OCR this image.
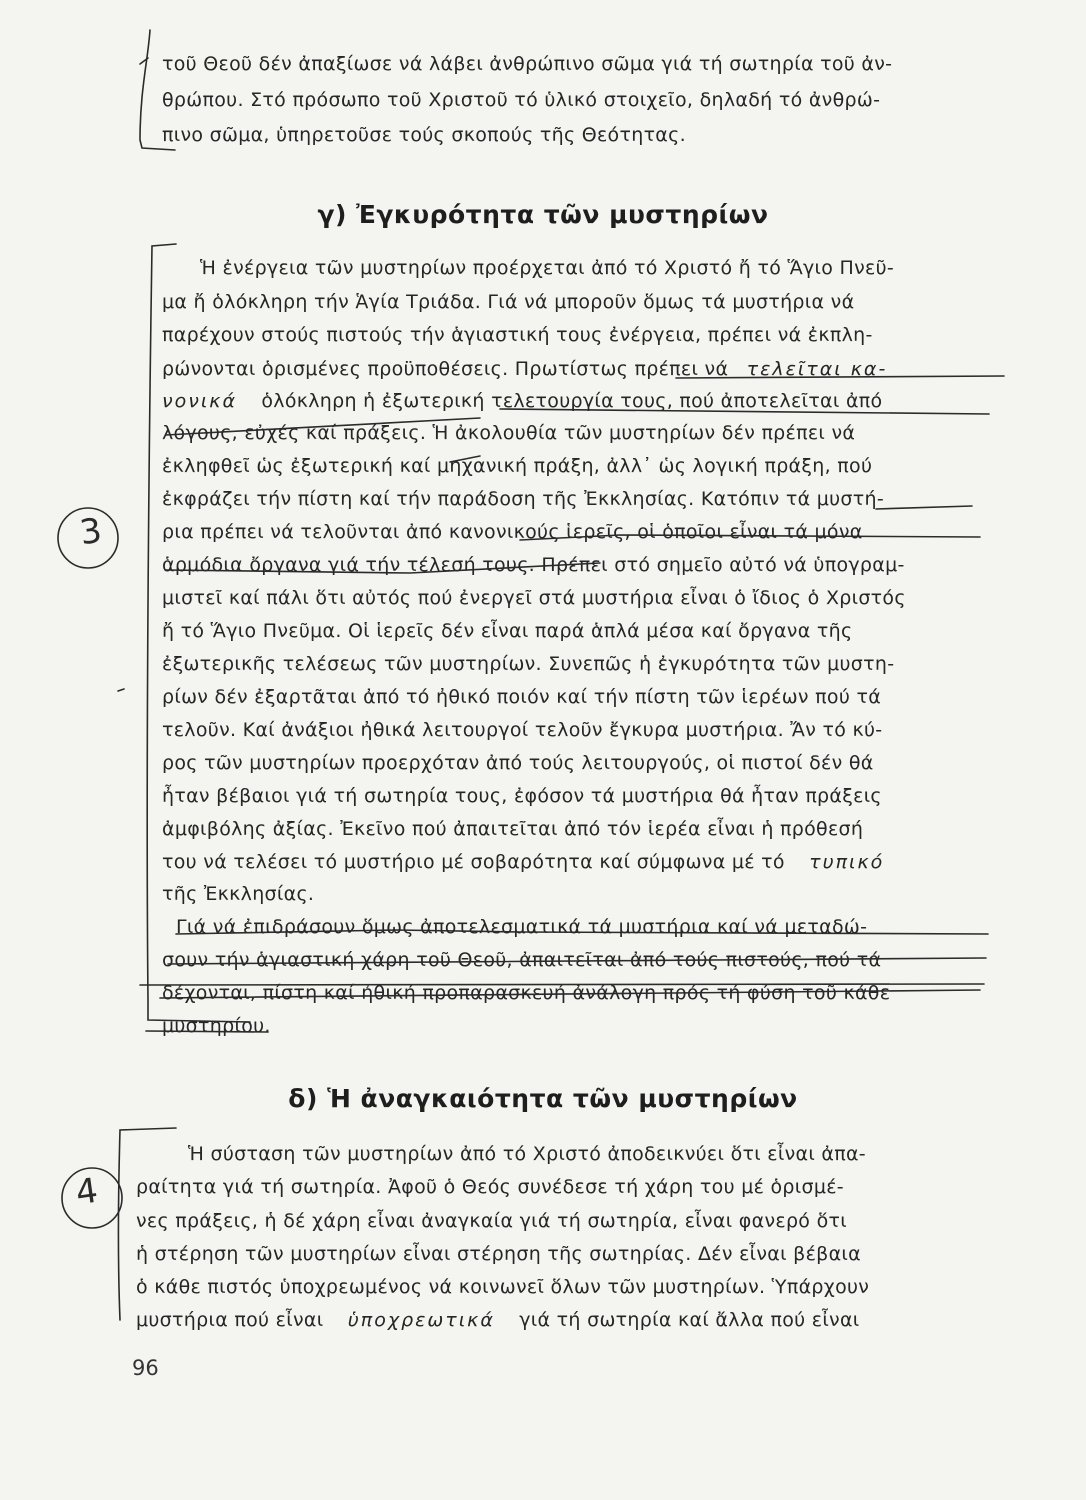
τοῦ Θεοῦ δέν ἀπαξίωσε νά λάβει ἀνθρώπινο σῶμα γιά τή σωτηρία τοῦ ἀν-

θρώπου. Στό πρόσωπο τοῦ Χριστοῦ τό ὑλικό στοιχεῖο, δηλαδή τό ἀνθρώ-

πινο σῶμα, ὑπηρετοῦσε τούς σκοπούς τῆς Θεότητας.

γ) Ἐγκυρότητα τῶν μυστηρίων

Ἡ ἐνέργεια τῶν μυστηρίων προέρχεται ἀπό τό Χριστό ἤ τό Ἅγιο Πνεῦ-

μα ἤ ὁλόκληρη τήν Ἁγία Τριάδα. Γιά νά μποροῦν ὅμως τά μυστήρια νά

παρέχουν στούς πιστούς τήν ἁγιαστική τους ἐνέργεια, πρέπει νά ἐκπλη-

ρώνονται ὁρισμένες προϋποθέσεις. Πρωτίστως πρέπει νά τελεῖται κα-

νονικά ὁλόκληρη ἡ ἐξωτερική τελετουργία τους, πού ἀποτελεῖται ἀπό

λόγους, εὐχές καί πράξεις. Ἡ ἀκολουθία τῶν μυστηρίων δέν πρέπει νά

ἐκληφθεῖ ὡς ἐξωτερική καί μηχανική πράξη, ἀλλ᾽ ὡς λογική πράξη, πού

ἐκφράζει τήν πίστη καί τήν παράδοση τῆς Ἐκκλησίας. Κατόπιν τά μυστή-

ρια πρέπει νά τελοῦνται ἀπό κανονικούς ἱερεῖς, οἱ ὁποῖοι εἶναι τά μόνα

ἁρμόδια ὄργανα γιά τήν τέλεσή τους. Πρέπει στό σημεῖο αὐτό νά ὑπογραμ-

μιστεῖ καί πάλι ὅτι αὐτός πού ἐνεργεῖ στά μυστήρια εἶναι ὁ ἴδιος ὁ Χριστός

ἤ τό Ἅγιο Πνεῦμα. Οἱ ἱερεῖς δέν εἶναι παρά ἁπλά μέσα καί ὄργανα τῆς

ἐξωτερικῆς τελέσεως τῶν μυστηρίων. Συνεπῶς ἡ ἐγκυρότητα τῶν μυστη-

ρίων δέν ἐξαρτᾶται ἀπό τό ἠθικό ποιόν καί τήν πίστη τῶν ἱερέων πού τά

τελοῦν. Καί ἀνάξιοι ἠθικά λειτουργοί τελοῦν ἔγκυρα μυστήρια. Ἄν τό κύ-

ρος τῶν μυστηρίων προερχόταν ἀπό τούς λειτουργούς, οἱ πιστοί δέν θά

ἦταν βέβαιοι γιά τή σωτηρία τους, ἐφόσον τά μυστήρια θά ἦταν πράξεις

ἀμφιβόλης ἀξίας. Ἐκεῖνο πού ἀπαιτεῖται ἀπό τόν ἱερέα εἶναι ἡ πρόθεσή

του νά τελέσει τό μυστήριο μέ σοβαρότητα καί σύμφωνα μέ τό τυπικό

τῆς Ἐκκλησίας.

Γιά νά ἐπιδράσουν ὅμως ἀποτελεσματικά τά μυστήρια καί νά μεταδώ-

σουν τήν ἁγιαστική χάρη τοῦ Θεοῦ, ἀπαιτεῖται ἀπό τούς πιστούς, πού τά

δέχονται, πίστη καί ἠθική προπαρασκευή ἀνάλογη πρός τή φύση τοῦ κάθε

μυστηρίου.

δ) Ἡ ἀναγκαιότητα τῶν μυστηρίων

Ἡ σύσταση τῶν μυστηρίων ἀπό τό Χριστό ἀποδεικνύει ὅτι εἶναι ἀπα-

ραίτητα γιά τή σωτηρία. Ἀφοῦ ὁ Θεός συνέδεσε τή χάρη του μέ ὁρισμέ-

νες πράξεις, ἡ δέ χάρη εἶναι ἀναγκαία γιά τή σωτηρία, εἶναι φανερό ὅτι

ἡ στέρηση τῶν μυστηρίων εἶναι στέρηση τῆς σωτηρίας. Δέν εἶναι βέβαια

ὁ κάθε πιστός ὑποχρεωμένος νά κοινωνεῖ ὅλων τῶν μυστηρίων. Ὑπάρχουν

μυστήρια πού εἶναι ὑποχρεωτικά γιά τή σωτηρία καί ἄλλα πού εἶναι

3
4
96
